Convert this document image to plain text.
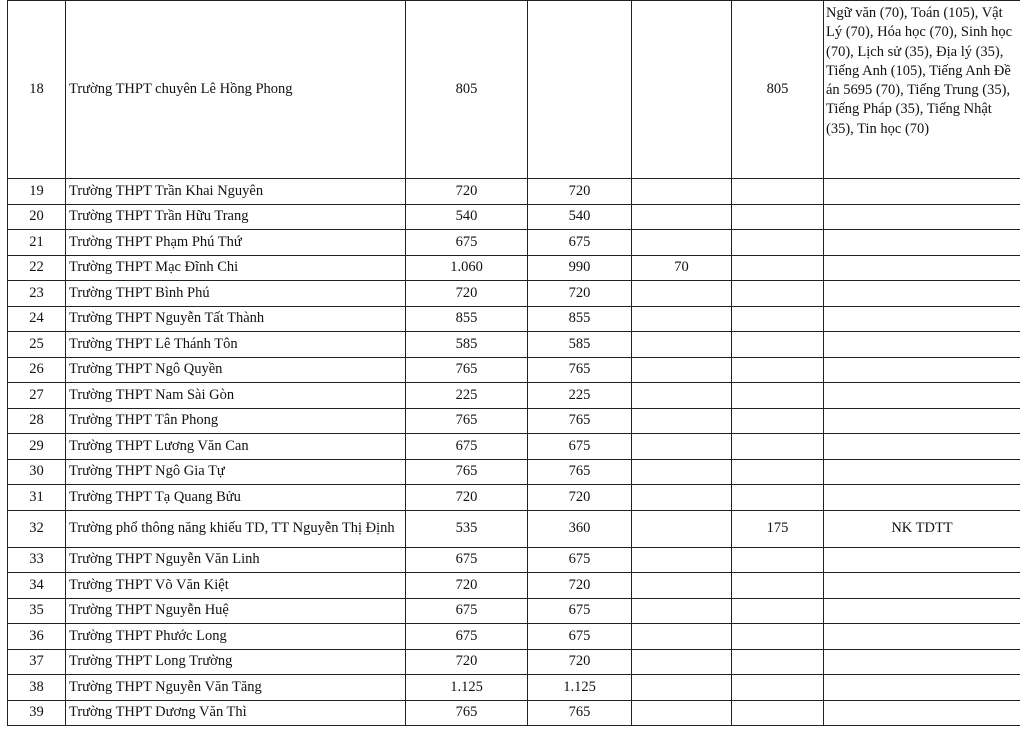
18	Trường THPT chuyên Lê Hồng Phong	805			805	Ngữ văn (70), Toán (105), Vật Lý (70), Hóa học (70), Sinh học (70), Lịch sử (35), Địa lý (35), Tiếng Anh (105), Tiếng Anh Đề án 5695 (70), Tiếng Trung (35), Tiếng Pháp (35), Tiếng Nhật (35), Tin học (70)
19	Trường THPT Trần Khai Nguyên	720	720			
20	Trường THPT Trần Hữu Trang	540	540			
21	Trường THPT Phạm Phú Thứ	675	675			
22	Trường THPT Mạc Đĩnh Chi	1.060	990	70		
23	Trường THPT Bình Phú	720	720			
24	Trường THPT Nguyễn Tất Thành	855	855			
25	Trường THPT Lê Thánh Tôn	585	585			
26	Trường THPT Ngô Quyền	765	765			
27	Trường THPT Nam Sài Gòn	225	225			
28	Trường THPT Tân Phong	765	765			
29	Trường THPT Lương Văn Can	675	675			
30	Trường THPT Ngô Gia Tự	765	765			
31	Trường THPT Tạ Quang Bửu	720	720			
32	Trường phổ thông năng khiếu TD, TT Nguyễn Thị Định	535	360		175	NK TDTT
33	Trường THPT Nguyễn Văn Linh	675	675			
34	Trường THPT Võ Văn Kiệt	720	720			
35	Trường THPT Nguyễn Huệ	675	675			
36	Trường THPT Phước Long	675	675			
37	Trường THPT Long Trường	720	720			
38	Trường THPT Nguyễn Văn Tăng	1.125	1.125			
39	Trường THPT Dương Văn Thì	765	765			
